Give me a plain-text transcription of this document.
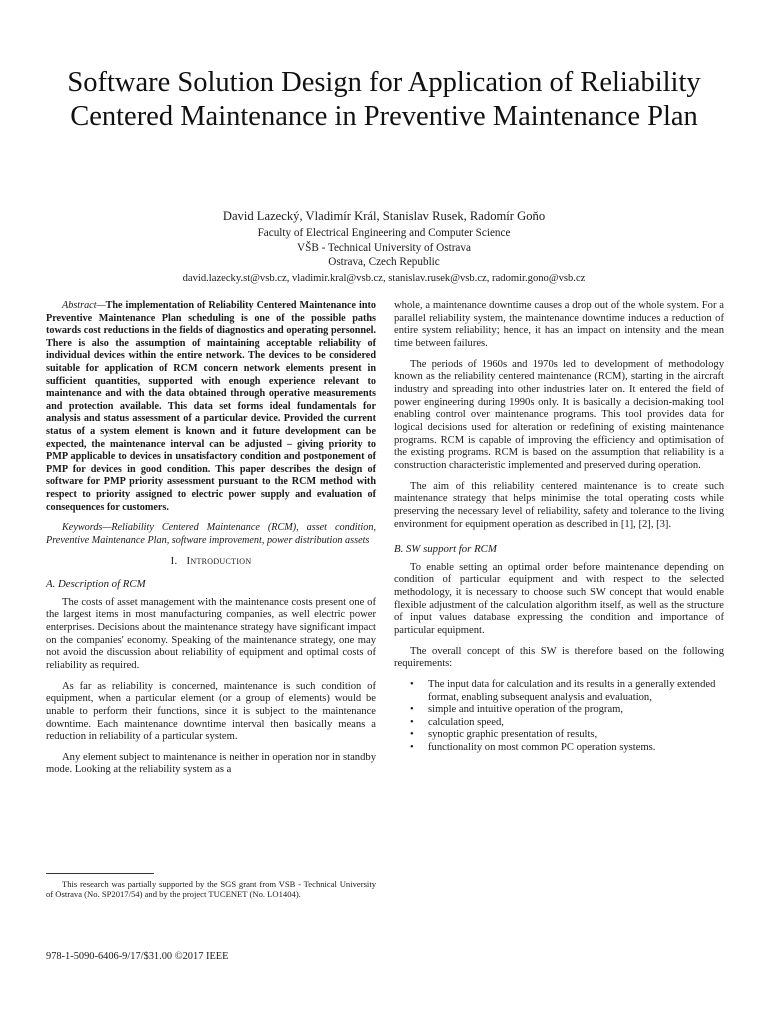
Software Solution Design for Application of Reliability Centered Maintenance in Preventive Maintenance Plan
David Lazecký, Vladimír Král, Stanislav Rusek, Radomír Goňo
Faculty of Electrical Engineering and Computer Science
VŠB - Technical University of Ostrava
Ostrava, Czech Republic
david.lazecky.st@vsb.cz, vladimir.kral@vsb.cz, stanislav.rusek@vsb.cz, radomir.gono@vsb.cz

Abstract—The implementation of Reliability Centered Maintenance into Preventive Maintenance Plan scheduling is one of the possible paths towards cost reductions in the fields of diagnostics and operating personnel. There is also the assumption of maintaining acceptable reliability of individual devices within the entire network. The devices to be considered suitable for application of RCM concern network elements present in sufficient quantities, supported with enough experience relevant to maintenance and with the data obtained through operative measurements and protection available. This data set forms ideal fundamentals for analysis and status assessment of a particular device. Provided the current status of a system element is known and it future development can be expected, the maintenance interval can be adjusted – giving priority to PMP applicable to devices in unsatisfactory condition and postponement of PMP for devices in good condition. This paper describes the design of software for PMP priority assessment pursuant to the RCM method with respect to priority assigned to electric power supply and evaluation of consequences for customers.

Keywords—Reliability Centered Maintenance (RCM), asset condition, Preventive Maintenance Plan, software improvement, power distribution assets

I. Introduction
A. Description of RCM

The costs of asset management with the maintenance costs present one of the largest items in most manufacturing companies, as well electric power enterprises. Decisions about the maintenance strategy have significant impact on the companies' economy. Speaking of the maintenance strategy, one may not avoid the discussion about reliability of equipment and optimal costs of reliability as required.

As far as reliability is concerned, maintenance is such condition of equipment, when a particular element (or a group of elements) would be unable to perform their functions, since it is subject to the maintenance downtime. Each maintenance downtime interval then basically means a reduction in reliability of a particular system.

Any element subject to maintenance is neither in operation nor in standby mode. Looking at the reliability system as a

whole, a maintenance downtime causes a drop out of the whole system. For a parallel reliability system, the maintenance downtime induces a reduction of entire system reliability; hence, it has an impact on intensity and the mean time between failures.

The periods of 1960s and 1970s led to development of methodology known as the reliability centered maintenance (RCM), starting in the aircraft industry and spreading into other industries later on. It entered the field of power engineering during 1990s only. It is basically a decision-making tool enabling control over maintenance programs. This tool provides data for logical decisions used for alteration or redefining of existing maintenance programs. RCM is capable of improving the efficiency and optimisation of the existing programs. RCM is based on the assumption that reliability is a construction characteristic implemented and preserved during operation.

The aim of this reliability centered maintenance is to create such maintenance strategy that helps minimise the total operating costs while preserving the necessary level of reliability, safety and tolerance to the living environment for equipment operation as described in [1], [2], [3].

B. SW support for RCM

To enable setting an optimal order before maintenance depending on condition of particular equipment and with respect to the selected methodology, it is necessary to choose such SW concept that would enable flexible adjustment of the calculation algorithm itself, as well as the structure of input values database expressing the condition and importance of particular equipment.

The overall concept of this SW is therefore based on the following requirements:

• The input data for calculation and its results in a generally extended format, enabling subsequent analysis and evaluation,
• simple and intuitive operation of the program,
• calculation speed,
• synoptic graphic presentation of results,
• functionality on most common PC operation systems.
This research was partially supported by the SGS grant from VSB - Technical University of Ostrava (No. SP2017/54) and by the project TUCENET (No. LO1404).
978-1-5090-6406-9/17/$31.00 ©2017 IEEE
